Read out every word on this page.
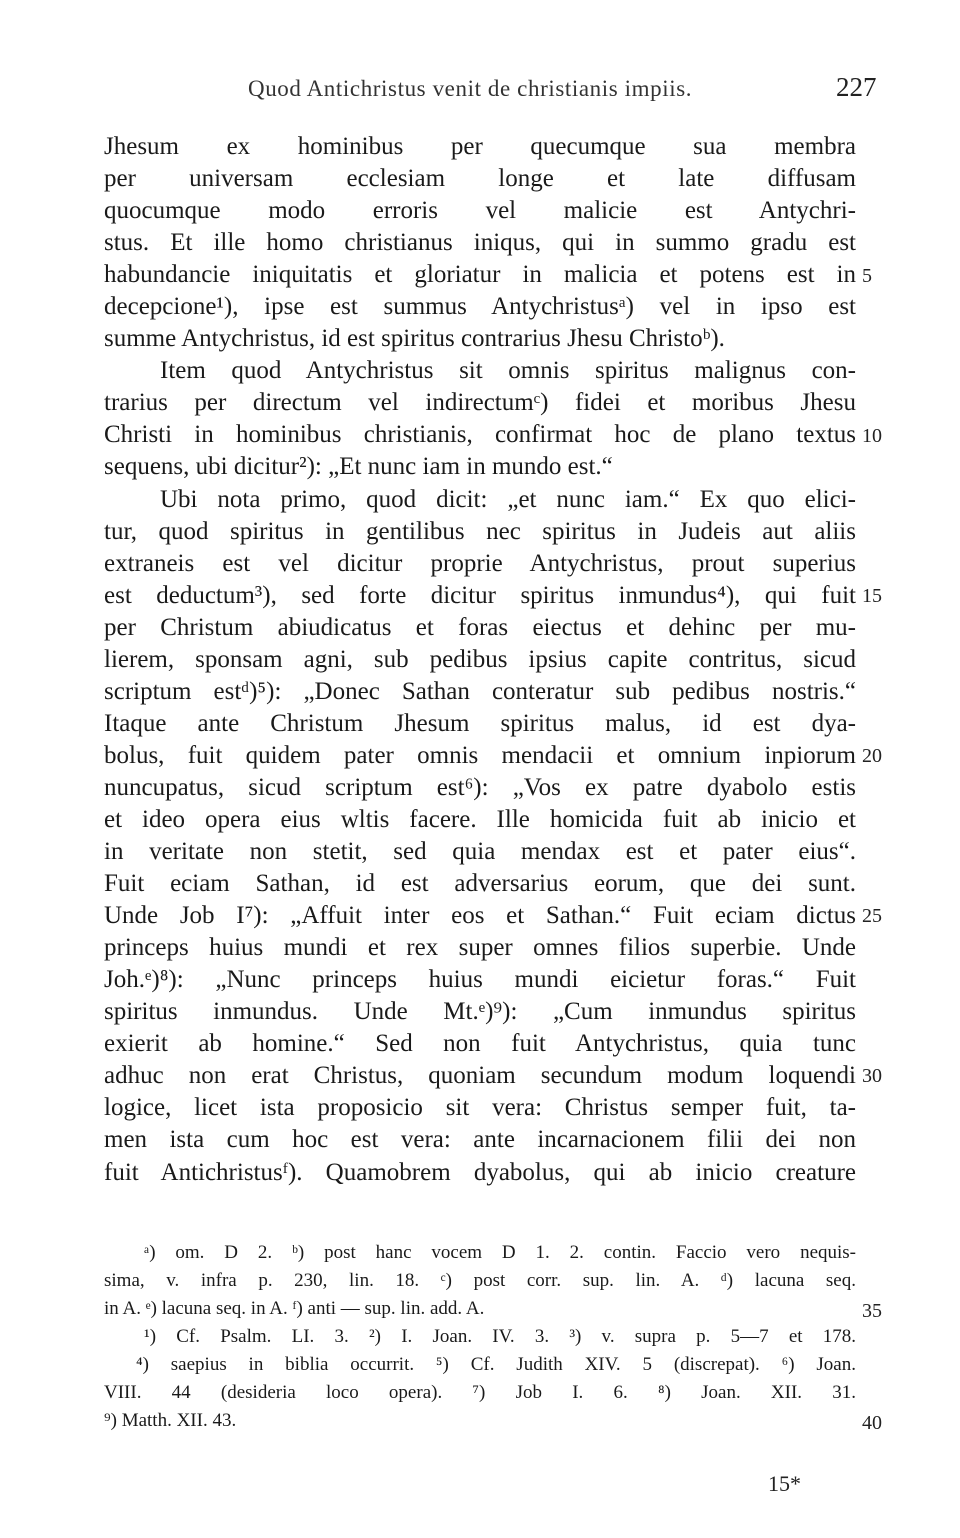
Quod Antichristus venit de christianis impiis.	227
Jhesum ex hominibus per quecumque sua membra
per universam ecclesiam longe et late diffusam
quocumque modo erroris vel malicie est Antychri-
stus. Et ille homo christianus iniqus, qui in summo gradu est
habundancie iniquitatis et gloriatur in malicia et potens est in
decepcione¹), ipse est summus Antychristusᵃ) vel in ipso est
summe Antychristus, id est spiritus contrarius Jhesu Christoᵇ).
Item quod Antychristus sit omnis spiritus malignus con-
trarius per directum vel indirectumᶜ) fidei et moribus Jhesu
Christi in hominibus christianis, confirmat hoc de plano textus
sequens, ubi dicitur²): „Et nunc iam in mundo est.“
Ubi nota primo, quod dicit: „et nunc iam.“ Ex quo elici-
tur, quod spiritus in gentilibus nec spiritus in Judeis aut aliis
extraneis est vel dicitur proprie Antychristus, prout superius
est deductum³), sed forte dicitur spiritus inmundus⁴), qui fuit
per Christum abiudicatus et foras eiectus et dehinc per mu-
lierem, sponsam agni, sub pedibus ipsius capite contritus, sicud
scriptum estᵈ)⁵): „Donec Sathan conteratur sub pedibus nostris.“
Itaque ante Christum Jhesum spiritus malus, id est dya-
bolus, fuit quidem pater omnis mendacii et omnium inpiorum
nuncupatus, sicud scriptum est⁶): „Vos ex patre dyabolo estis
et ideo opera eius wltis facere. Ille homicida fuit ab inicio et
in veritate non stetit, sed quia mendax est et pater eius“.
Fuit eciam Sathan, id est adversarius eorum, que dei sunt.
Unde Job I⁷): „Affuit inter eos et Sathan.“ Fuit eciam dictus
princeps huius mundi et rex super omnes filios superbie. Unde
Joh.ᵉ)⁸): „Nunc princeps huius mundi eicietur foras.“ Fuit
spiritus inmundus. Unde Mt.ᵉ)⁹): „Cum inmundus spiritus
exierit ab homine.“ Sed non fuit Antychristus, quia tunc
adhuc non erat Christus, quoniam secundum modum loquendi
logice, licet ista proposicio sit vera: Christus semper fuit, ta-
men ista cum hoc est vera: ante incarnacionem filii dei non
fuit Antichristusᶠ). Quamobrem dyabolus, qui ab inicio creature
5
10
15
20
25
30
35
40
ᵃ) om. D 2. ᵇ) post hanc vocem D 1. 2. contin. Faccio vero nequis-
sima, v. infra p. 230, lin. 18. ᶜ) post corr. sup. lin. A. ᵈ) lacuna seq.
in A. ᵉ) lacuna seq. in A. ᶠ) anti — sup. lin. add. A.
¹) Cf. Psalm. LI. 3. ²) I. Joan. IV. 3. ³) v. supra p. 5—7 et 178.
⁴) saepius in biblia occurrit. ⁵) Cf. Judith XIV. 5 (discrepat). ⁶) Joan.
VIII. 44 (desideria loco opera). ⁷) Job I. 6. ⁸) Joan. XII. 31.
⁹) Matth. XII. 43.
15*
